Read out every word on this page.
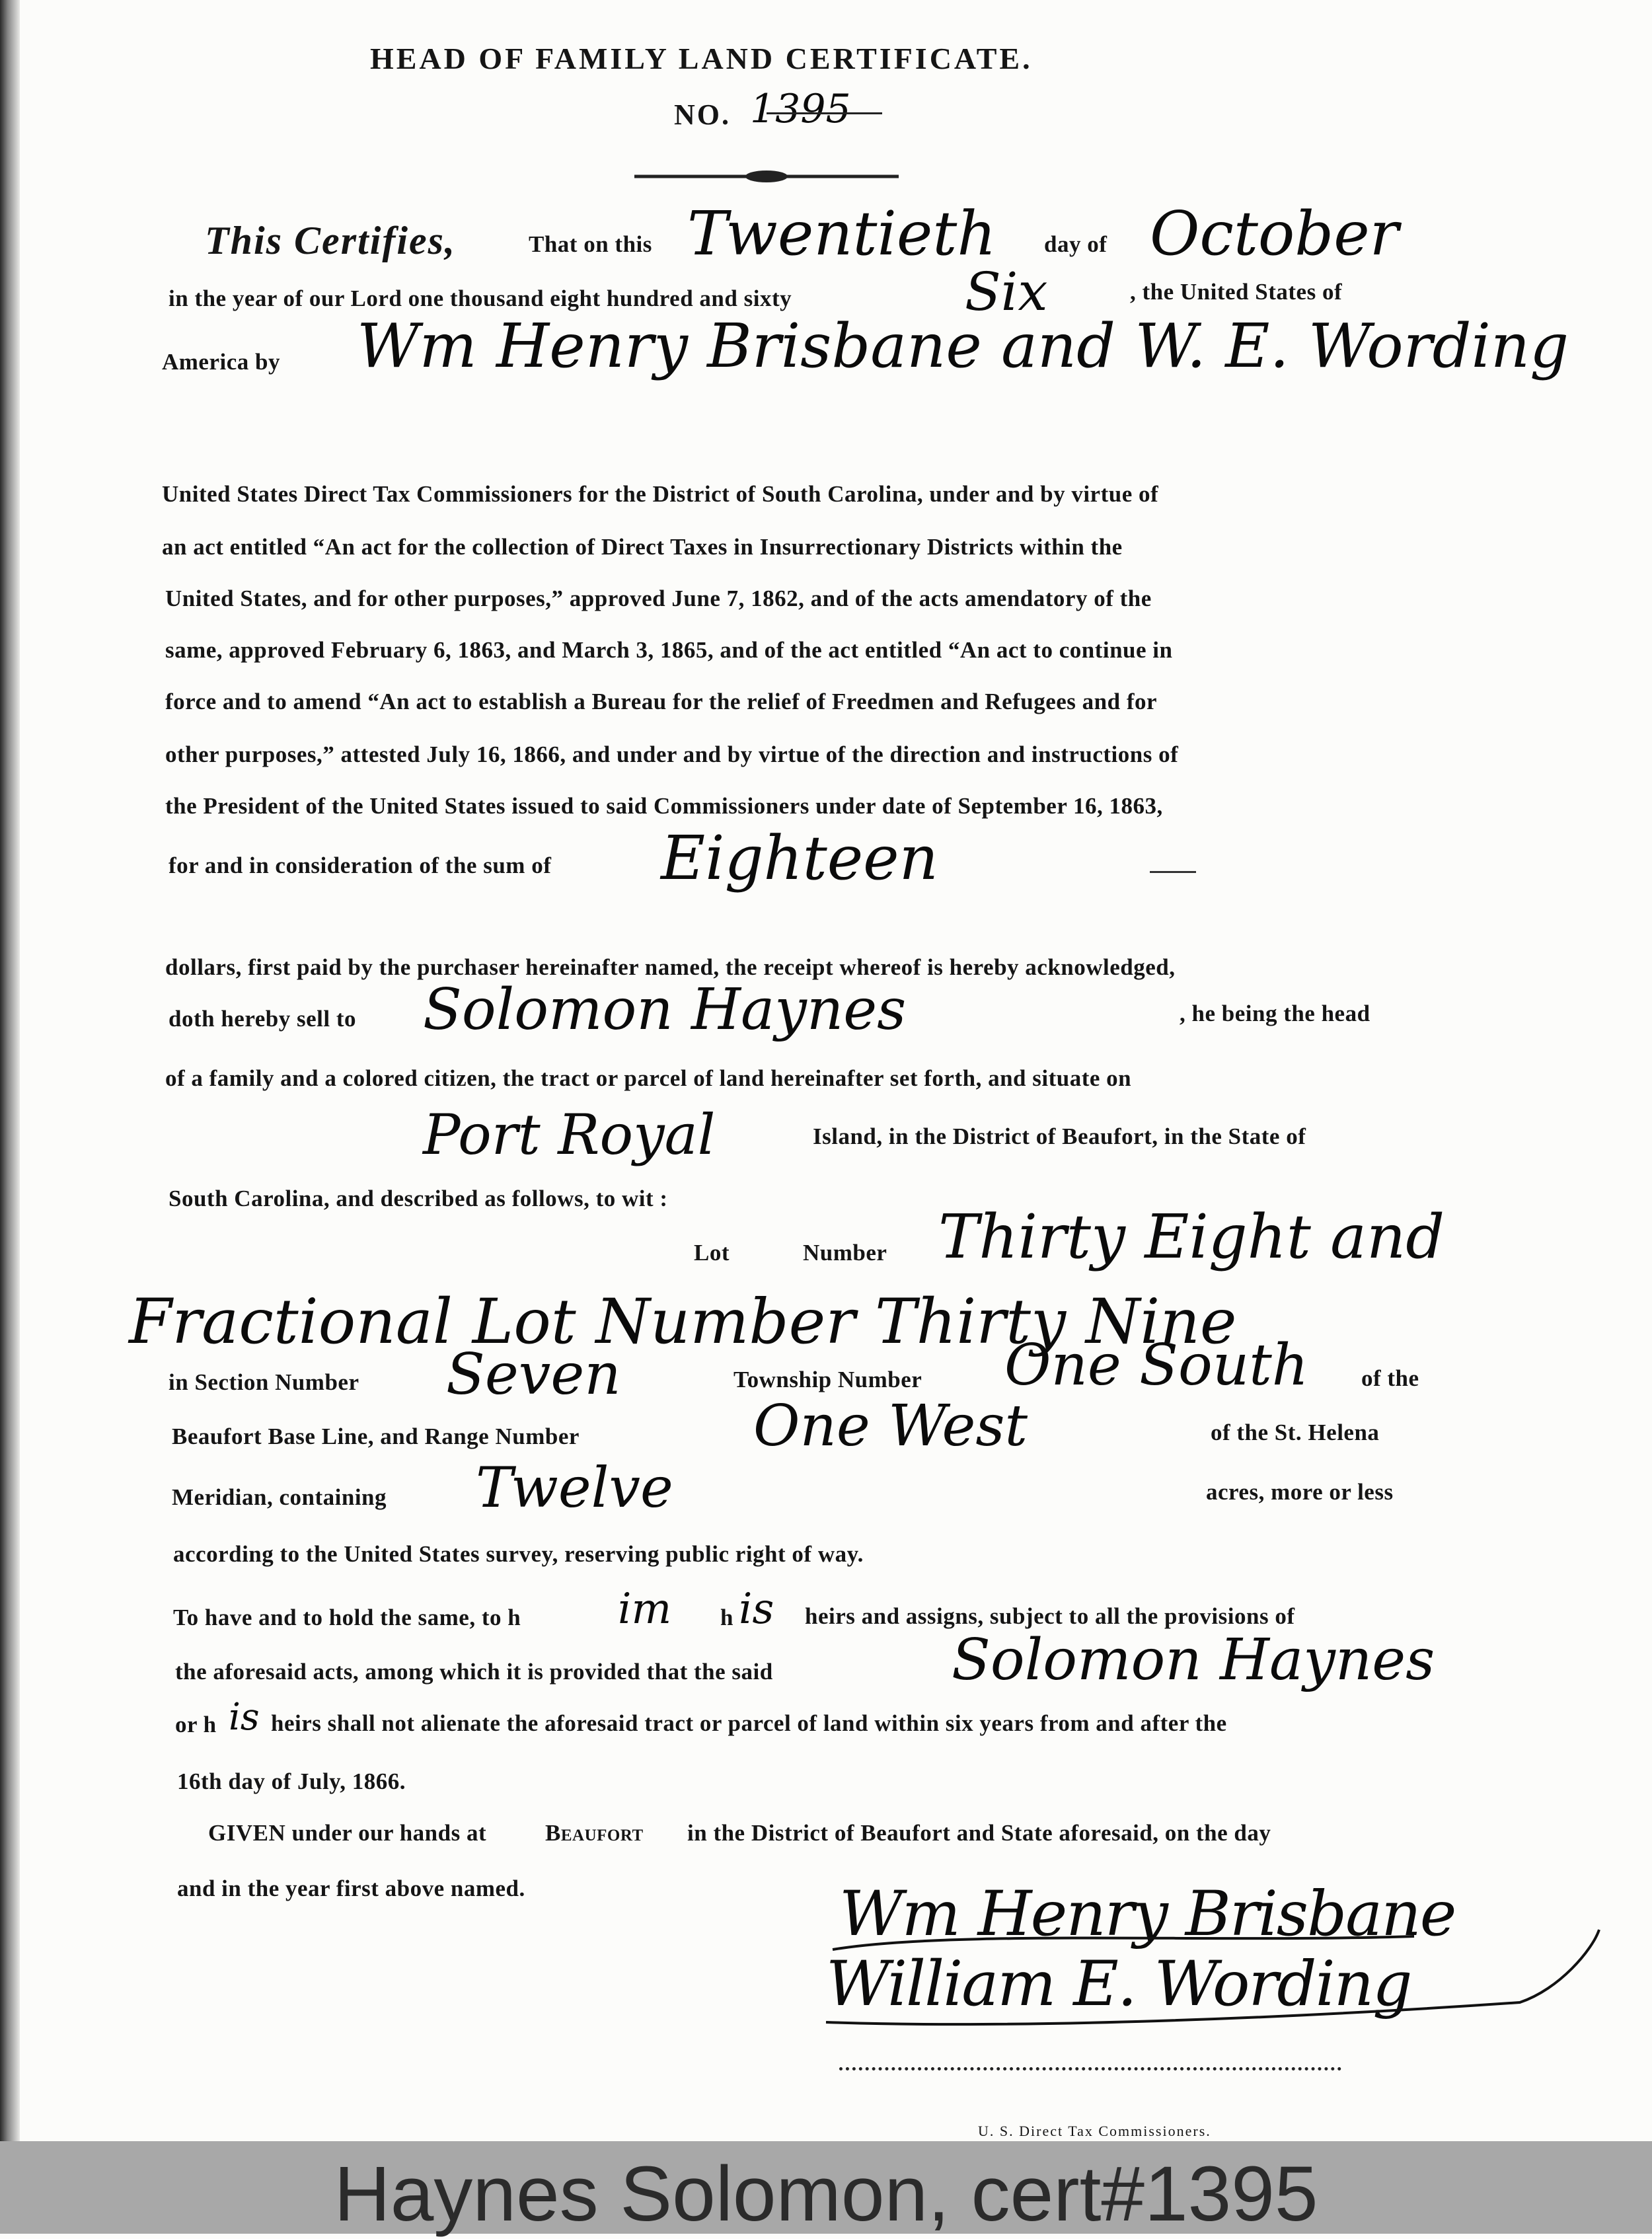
HEAD OF FAMILY LAND CERTIFICATE.
NO. 1395
This Certifies,	That on this Twentieth day of October
in the year of our Lord one thousand eight hundred and sixty	Six	, the United States of
America by Wm Henry Brisbane and W. E. Wording
United States Direct Tax Commissioners for the District of South Carolina, under and by virtue of
an act entitled “An act for the collection of Direct Taxes in Insurrectionary Districts within the
United States, and for other purposes,” approved June 7, 1862, and of the acts amendatory of the
same, approved February 6, 1863, and March 3, 1865, and of the act entitled “An act to continue in
force and to amend “An act to establish a Bureau for the relief of Freedmen and Refugees and for
other purposes,” attested July 16, 1866, and under and by virtue of the direction and instructions of
the President of the United States issued to said Commissioners under date of September 16, 1863,
for and in consideration of the sum of Eighteen
dollars, first paid by the purchaser hereinafter named, the receipt whereof is hereby acknowledged,
doth hereby sell to Solomon Haynes	, he being the head
of a family and a colored citizen, the tract or parcel of land hereinafter set forth, and situate on
Port Royal	Island, in the District of Beaufort, in the State of
South Carolina, and described as follows, to wit :
Lot	Number Thirty Eight and
Fractional Lot Number Thirty Nine
in Section Number Seven	Township Number One South of the
Beaufort Base Line, and Range Number	One West	of the St. Helena
Meridian, containing Twelve	acres, more or less
according to the United States survey, reserving public right of way.
To have and to hold the same, to h im h is heirs and assigns, subject to all the provisions of
the aforesaid acts, among which it is provided that the said	Solomon Haynes
or h is heirs shall not alienate the aforesaid tract or parcel of land within six years from and after the
16th day of July, 1866.
GIVEN under our hands at	Beaufort in the District of Beaufort and State aforesaid, on the day
and in the year first above named.	Wm Henry Brisbane
William E. Wording
U. S. Direct Tax Commissioners.
Haynes Solomon, cert#1395
